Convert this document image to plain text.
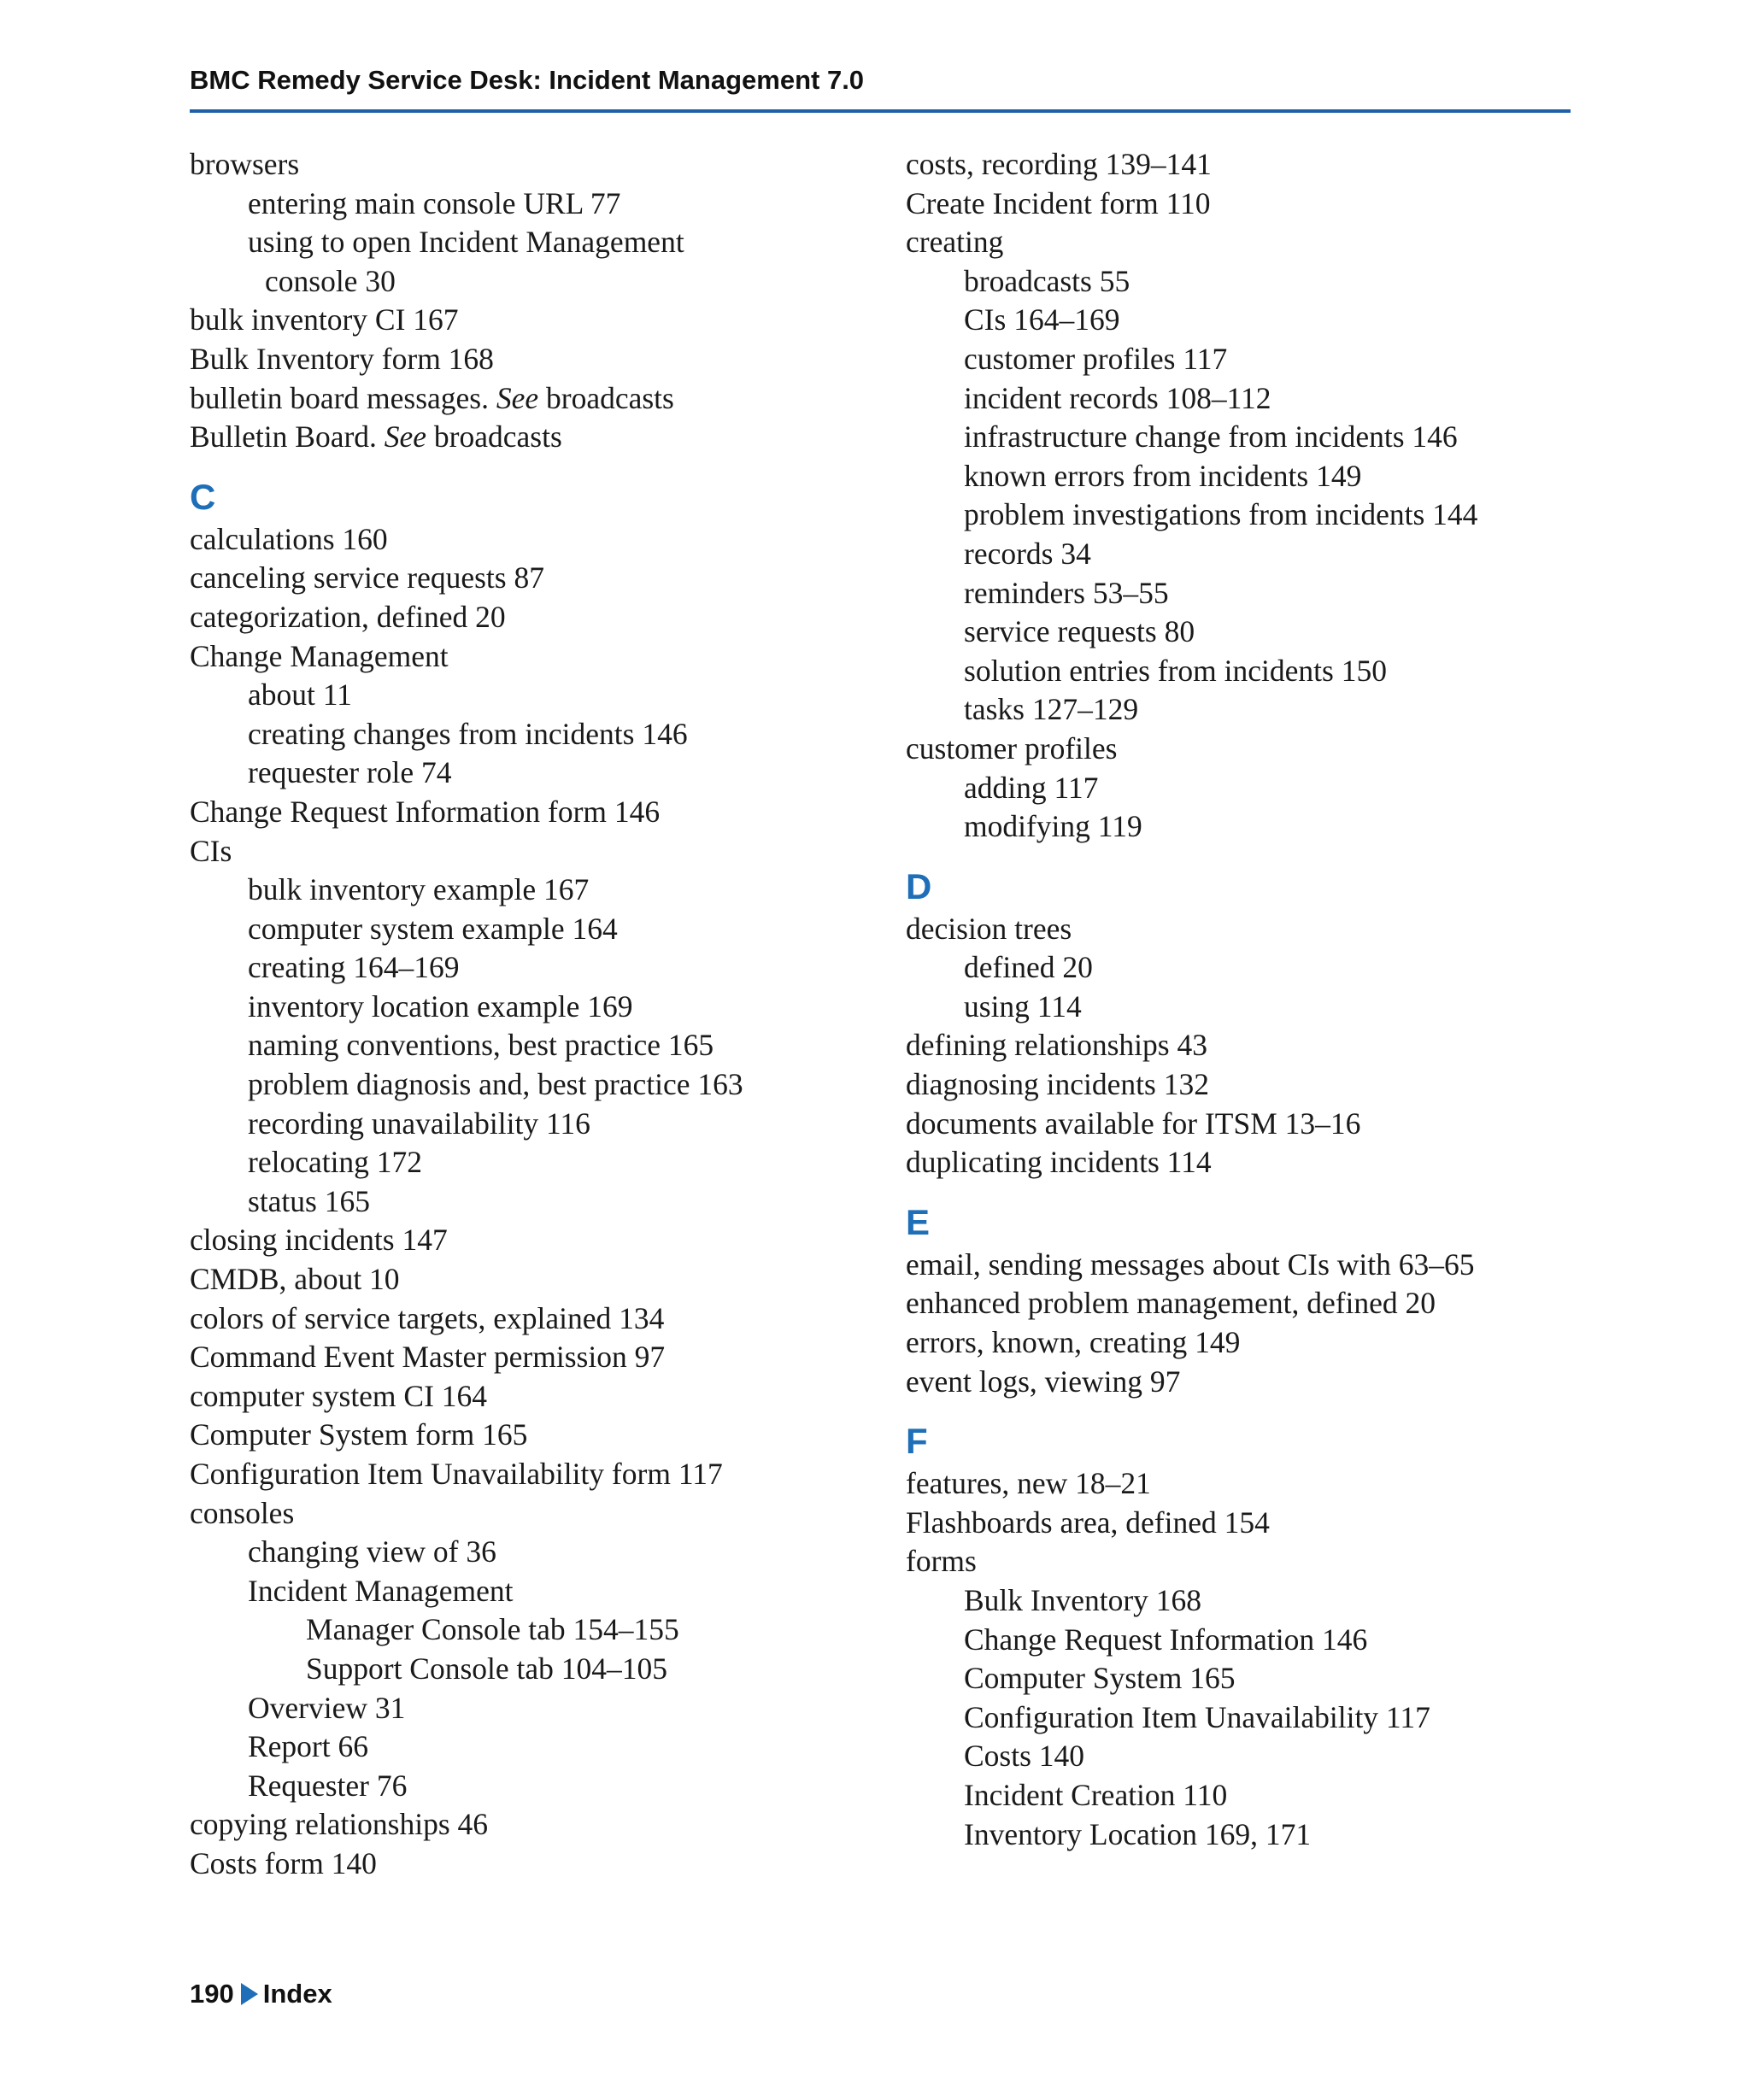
BMC Remedy Service Desk: Incident Management 7.0
browsers
entering main console URL 77
using to open Incident Management
console 30
bulk inventory CI 167
Bulk Inventory form 168
bulletin board messages. See broadcasts
Bulletin Board. See broadcasts
C
calculations 160
canceling service requests 87
categorization, defined 20
Change Management
about 11
creating changes from incidents 146
requester role 74
Change Request Information form 146
CIs
bulk inventory example 167
computer system example 164
creating 164–169
inventory location example 169
naming conventions, best practice 165
problem diagnosis and, best practice 163
recording unavailability 116
relocating 172
status 165
closing incidents 147
CMDB, about 10
colors of service targets, explained 134
Command Event Master permission 97
computer system CI 164
Computer System form 165
Configuration Item Unavailability form 117
consoles
changing view of 36
Incident Management
Manager Console tab 154–155
Support Console tab 104–105
Overview 31
Report 66
Requester 76
copying relationships 46
Costs form 140
costs, recording 139–141
Create Incident form 110
creating
broadcasts 55
CIs 164–169
customer profiles 117
incident records 108–112
infrastructure change from incidents 146
known errors from incidents 149
problem investigations from incidents 144
records 34
reminders 53–55
service requests 80
solution entries from incidents 150
tasks 127–129
customer profiles
adding 117
modifying 119
D
decision trees
defined 20
using 114
defining relationships 43
diagnosing incidents 132
documents available for ITSM 13–16
duplicating incidents 114
E
email, sending messages about CIs with 63–65
enhanced problem management, defined 20
errors, known, creating 149
event logs, viewing 97
F
features, new 18–21
Flashboards area, defined 154
forms
Bulk Inventory 168
Change Request Information 146
Computer System 165
Configuration Item Unavailability 117
Costs 140
Incident Creation 110
Inventory Location 169, 171
190 Index
